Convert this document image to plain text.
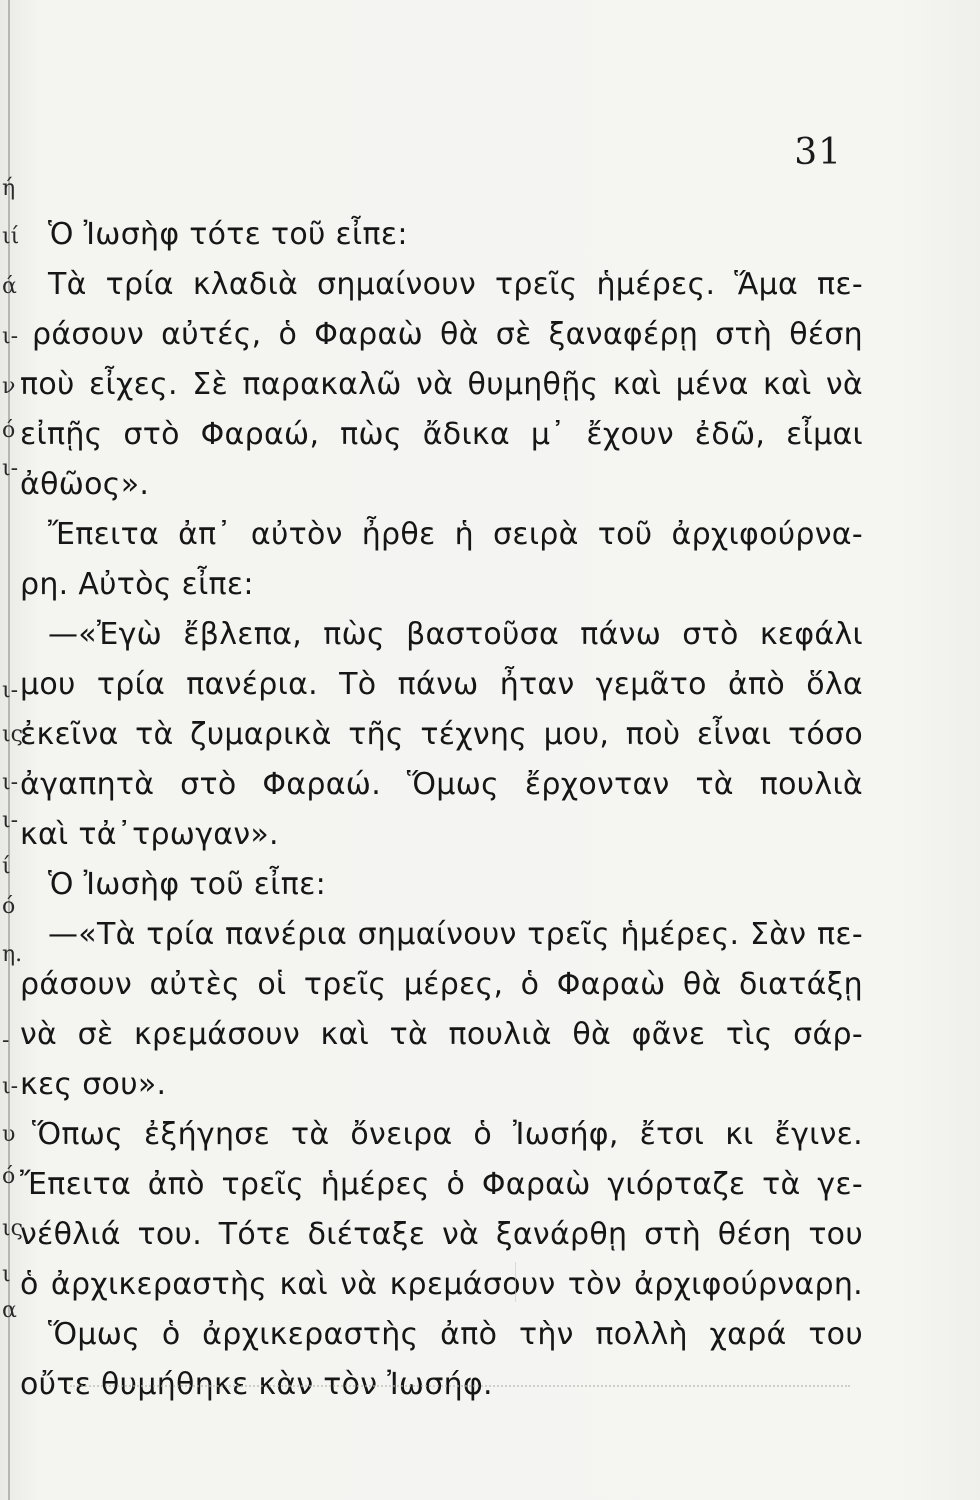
ή
ιί
ά
ι-
ν
ό
ι-
ι-
ις
ι-
ι-
ί
ό
η.
-
ι-
υ
ό
ις
ι
α
31
Ὁ Ἰωσὴφ τότε τοῦ εἶπε:
Τὰ τρία κλαδιὰ σημαίνουν τρεῖς ἡμέρες. Ἅμα πε-
ράσουν αὐτές, ὁ Φαραὼ θὰ σὲ ξαναφέρῃ στὴ θέση
ποὺ εἶχες. Σὲ παρακαλῶ νὰ θυμηθῇς καὶ μένα καὶ νὰ
εἰπῇς στὸ Φαραώ, πὼς ἄδικα μ᾽ ἔχουν ἐδῶ, εἶμαι
ἀθῶος».
Ἔπειτα ἀπ᾽ αὐτὸν ἦρθε ἡ σειρὰ τοῦ ἀρχιφούρνα-
ρη. Αὐτὸς εἶπε:
—«Ἐγὼ ἔβλεπα, πὼς βαστοῦσα πάνω στὸ κεφάλι
μου τρία πανέρια. Τὸ πάνω ἦταν γεμᾶτο ἀπὸ ὅλα
ἐκεῖνα τὰ ζυμαρικὰ τῆς τέχνης μου, ποὺ εἶναι τόσο
ἀγαπητὰ στὸ Φαραώ. Ὅμως ἔρχονταν τὰ πουλιὰ
καὶ τἀ᾽τρωγαν».
Ὁ Ἰωσὴφ τοῦ εἶπε:
—«Τὰ τρία πανέρια σημαίνουν τρεῖς ἡμέρες. Σὰν πε-
ράσουν αὐτὲς οἱ τρεῖς μέρες, ὁ Φαραὼ θὰ διατάξῃ
νὰ σὲ κρεμάσουν καὶ τὰ πουλιὰ θὰ φᾶνε τὶς σάρ-
κες σου».
Ὅπως ἐξήγησε τὰ ὄνειρα ὁ Ἰωσήφ, ἔτσι κι ἔγινε.
Ἔπειτα ἀπὸ τρεῖς ἡμέρες ὁ Φαραὼ γιόρταζε τὰ γε-
νέθλιά του. Τότε διέταξε νὰ ξανάρθῃ στὴ θέση του
ὁ ἀρχικεραστὴς καὶ νὰ κρεμάσουν τὸν ἀρχιφούρναρη.
Ὅμως ὁ ἀρχικεραστὴς ἀπὸ τὴν πολλὴ χαρά του
οὔτε θυμήθηκε κὰν τὸν Ἰωσήφ.
